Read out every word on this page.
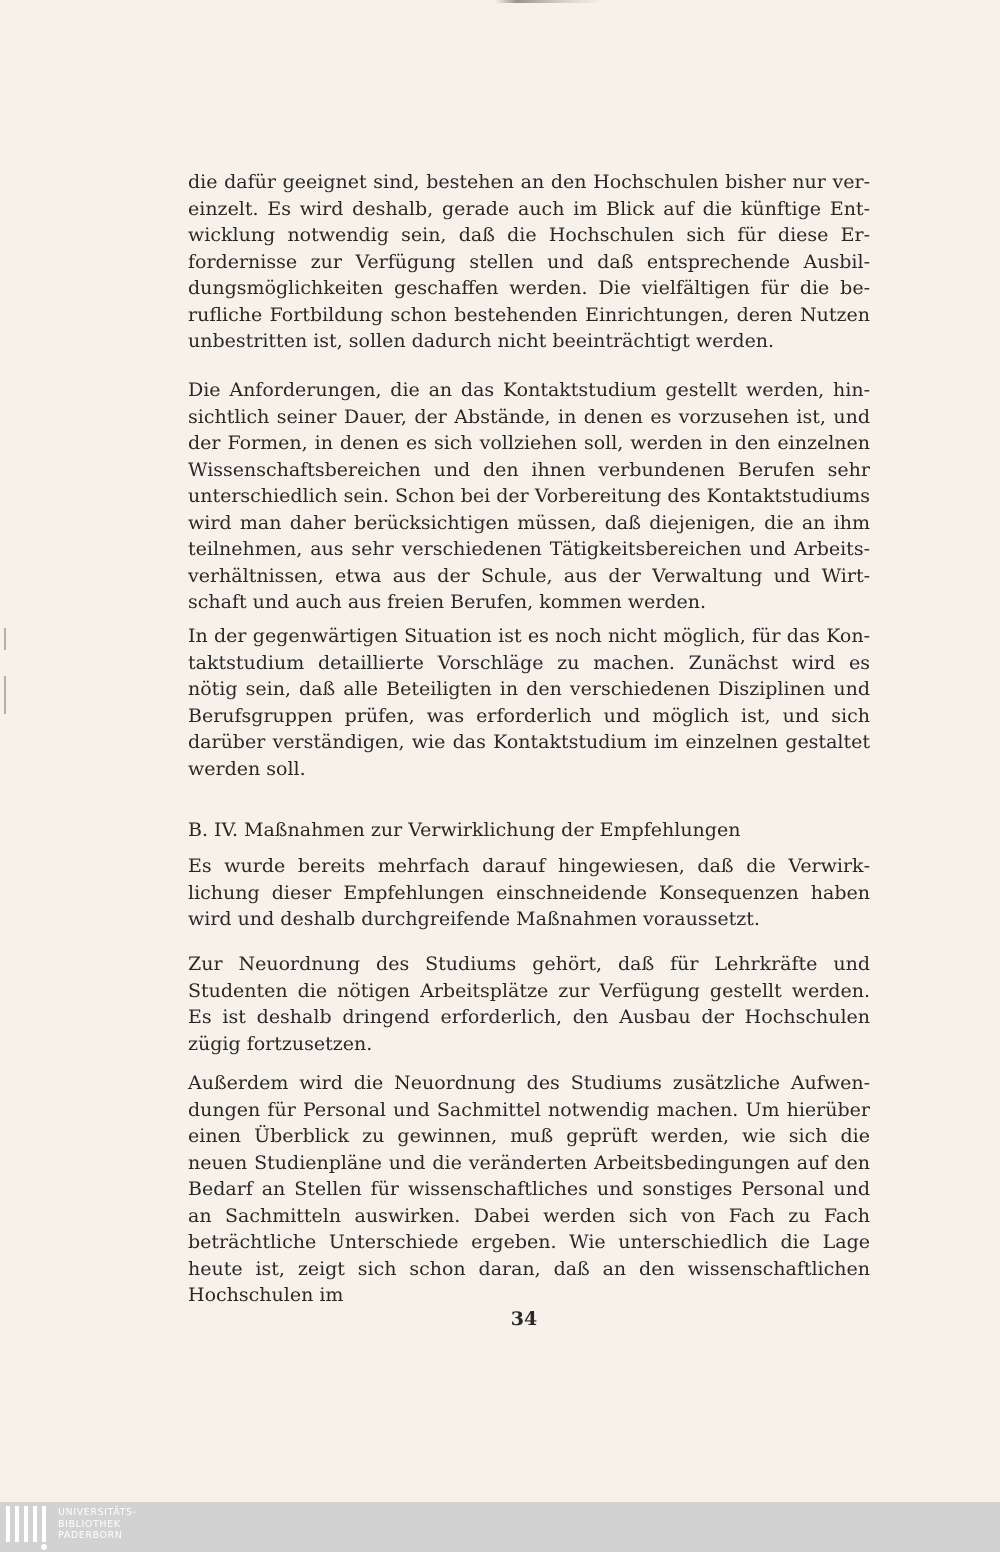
die dafür geeignet sind, bestehen an den Hochschulen bisher nur vereinzelt. Es wird deshalb, gerade auch im Blick auf die künftige Entwicklung notwendig sein, daß die Hochschulen sich für diese Erfordernisse zur Verfügung stellen und daß entsprechende Ausbildungsmöglichkeiten geschaffen werden. Die vielfältigen für die berufliche Fortbildung schon bestehenden Einrichtungen, deren Nutzen unbestritten ist, sollen dadurch nicht beeinträchtigt werden.

Die Anforderungen, die an das Kontaktstudium gestellt werden, hinsichtlich seiner Dauer, der Abstände, in denen es vorzusehen ist, und der Formen, in denen es sich vollziehen soll, werden in den einzelnen Wissenschaftsbereichen und den ihnen verbundenen Berufen sehr unterschiedlich sein. Schon bei der Vorbereitung des Kontaktstudiums wird man daher berücksichtigen müssen, daß diejenigen, die an ihm teilnehmen, aus sehr verschiedenen Tätigkeitsbereichen und Arbeitsverhältnissen, etwa aus der Schule, aus der Verwaltung und Wirtschaft und auch aus freien Berufen, kommen werden.

In der gegenwärtigen Situation ist es noch nicht möglich, für das Kontaktstudium detaillierte Vorschläge zu machen. Zunächst wird es nötig sein, daß alle Beteiligten in den verschiedenen Disziplinen und Berufsgruppen prüfen, was erforderlich und möglich ist, und sich darüber verständigen, wie das Kontaktstudium im einzelnen gestaltet werden soll.

B. IV. Maßnahmen zur Verwirklichung der Empfehlungen

Es wurde bereits mehrfach darauf hingewiesen, daß die Verwirklichung dieser Empfehlungen einschneidende Konsequenzen haben wird und deshalb durchgreifende Maßnahmen voraussetzt.

Zur Neuordnung des Studiums gehört, daß für Lehrkräfte und Studenten die nötigen Arbeitsplätze zur Verfügung gestellt werden. Es ist deshalb dringend erforderlich, den Ausbau der Hochschulen zügig fortzusetzen.

Außerdem wird die Neuordnung des Studiums zusätzliche Aufwendungen für Personal und Sachmittel notwendig machen. Um hierüber einen Überblick zu gewinnen, muß geprüft werden, wie sich die neuen Studienpläne und die veränderten Arbeitsbedingungen auf den Bedarf an Stellen für wissenschaftliches und sonstiges Personal und an Sachmitteln auswirken. Dabei werden sich von Fach zu Fach beträchtliche Unterschiede ergeben. Wie unterschiedlich die Lage heute ist, zeigt sich schon daran, daß an den wissenschaftlichen Hochschulen im

34
UNIVERSITÄTS-
BIBLIOTHEK
PADERBORN
